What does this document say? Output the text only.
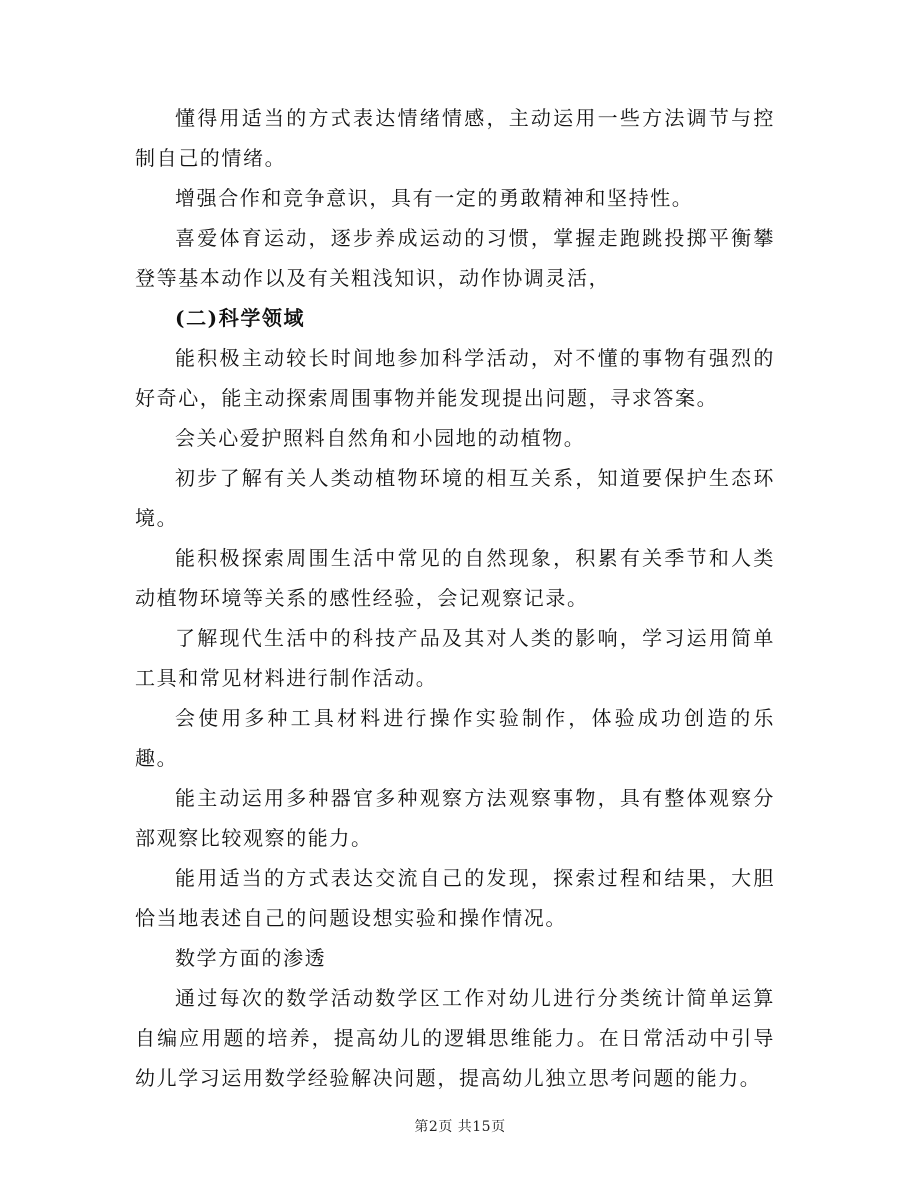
懂得用适当的方式表达情绪情感，主动运用一些方法调节与控制自己的情绪。

增强合作和竞争意识，具有一定的勇敢精神和坚持性。

喜爱体育运动，逐步养成运动的习惯，掌握走跑跳投掷平衡攀登等基本动作以及有关粗浅知识，动作协调灵活，

(二)科学领域

能积极主动较长时间地参加科学活动，对不懂的事物有强烈的好奇心，能主动探索周围事物并能发现提出问题，寻求答案。

会关心爱护照料自然角和小园地的动植物。

初步了解有关人类动植物环境的相互关系，知道要保护生态环境。

能积极探索周围生活中常见的自然现象，积累有关季节和人类动植物环境等关系的感性经验，会记观察记录。

了解现代生活中的科技产品及其对人类的影响，学习运用简单工具和常见材料进行制作活动。

会使用多种工具材料进行操作实验制作，体验成功创造的乐趣。

能主动运用多种器官多种观察方法观察事物，具有整体观察分部观察比较观察的能力。

能用适当的方式表达交流自己的发现，探索过程和结果，大胆恰当地表述自己的问题设想实验和操作情况。

数学方面的渗透

通过每次的数学活动数学区工作对幼儿进行分类统计简单运算自编应用题的培养，提高幼儿的逻辑思维能力。在日常活动中引导幼儿学习运用数学经验解决问题，提高幼儿独立思考问题的能力。

第2页 共15页
